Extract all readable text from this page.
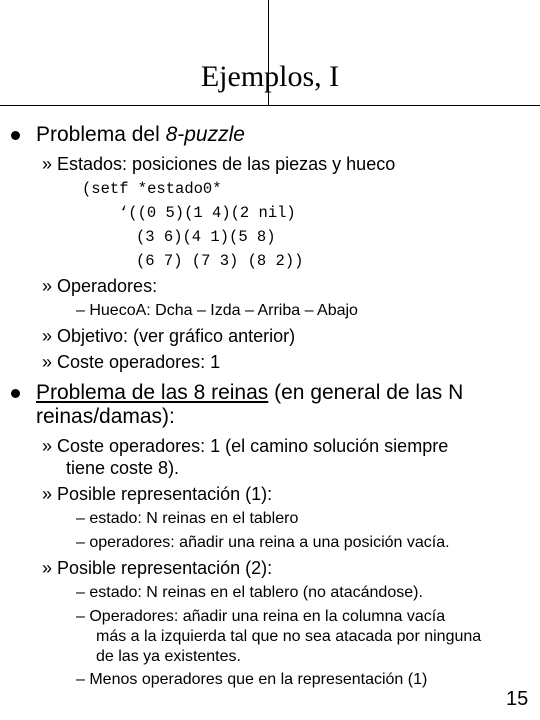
Ejemplos, I
Problema del 8-puzzle
» Estados: posiciones de las piezas y hueco
(setf *estado0*
‘((0 5)(1 4)(2 nil)
(3 6)(4 1)(5 8)
(6 7) (7 3) (8 2))
» Operadores:
– HuecoA: Dcha – Izda – Arriba – Abajo
» Objetivo: (ver gráfico anterior)
» Coste operadores: 1
Problema de las 8 reinas (en general de las N
reinas/damas):
» Coste operadores: 1 (el camino solución siempre
tiene coste 8).
» Posible representación (1):
– estado: N reinas en el tablero
– operadores: añadir una reina a una posición vacía.
» Posible representación (2):
– estado: N reinas en el tablero (no atacándose).
– Operadores: añadir una reina en la columna vacía
más a la izquierda tal que no sea atacada por ninguna
de las ya existentes.
– Menos operadores que en la representación (1)
15
